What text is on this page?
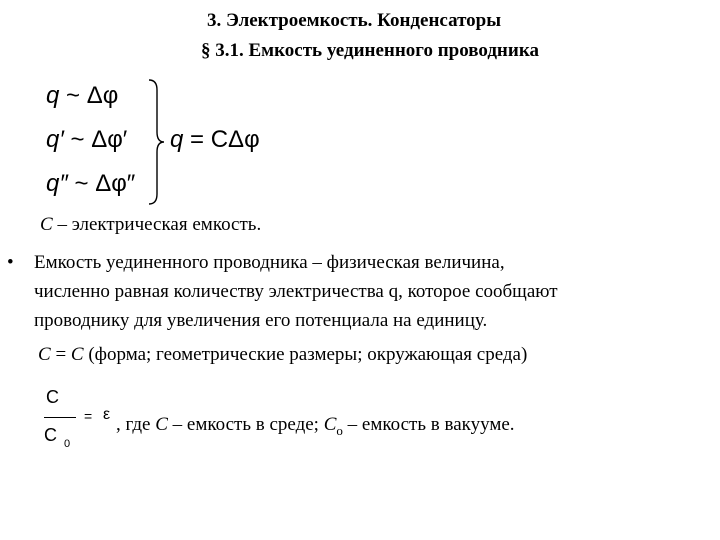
3. Электроемкость. Конденсаторы
§ 3.1. Емкость уединенного проводника
q ~ Δφ
q′ ~ Δφ′
q″ ~ Δφ″
q = CΔφ
C – электрическая емкость.
• Емкость уединенного проводника – физическая величина,
численно равная количеству электричества q, которое сообщают
проводнику для увеличения его потенциала на единицу.
C = C (форма; геометрические размеры; окружающая среда)
C
C 0
= ε , где C – емкость в среде; $C_o$ – емкость в вакууме.
